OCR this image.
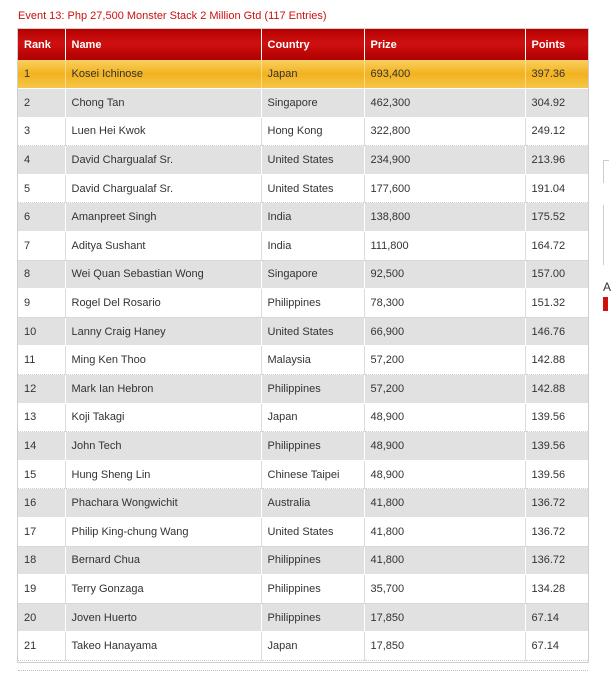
Event 13: Php 27,500 Monster Stack 2 Million Gtd (117 Entries)
Rank	Name	Country	Prize	Points
1	Kosei Ichinose	Japan	693,400	397.36
2	Chong Tan	Singapore	462,300	304.92
3	Luen Hei Kwok	Hong Kong	322,800	249.12
4	David Chargualaf Sr.	United States	234,900	213.96
5	David Chargualaf Sr.	United States	177,600	191.04
6	Amanpreet Singh	India	138,800	175.52
7	Aditya Sushant	India	111,800	164.72
8	Wei Quan Sebastian Wong	Singapore	92,500	157.00
9	Rogel Del Rosario	Philippines	78,300	151.32
10	Lanny Craig Haney	United States	66,900	146.76
11	Ming Ken Thoo	Malaysia	57,200	142.88
12	Mark Ian Hebron	Philippines	57,200	142.88
13	Koji Takagi	Japan	48,900	139.56
14	John Tech	Philippines	48,900	139.56
15	Hung Sheng Lin	Chinese Taipei	48,900	139.56
16	Phachara Wongwichit	Australia	41,800	136.72
17	Philip King-chung Wang	United States	41,800	136.72
18	Bernard Chua	Philippines	41,800	136.72
19	Terry Gonzaga	Philippines	35,700	134.28
20	Joven Huerto	Philippines	17,850	67.14
21	Takeo Hanayama	Japan	17,850	67.14
A
